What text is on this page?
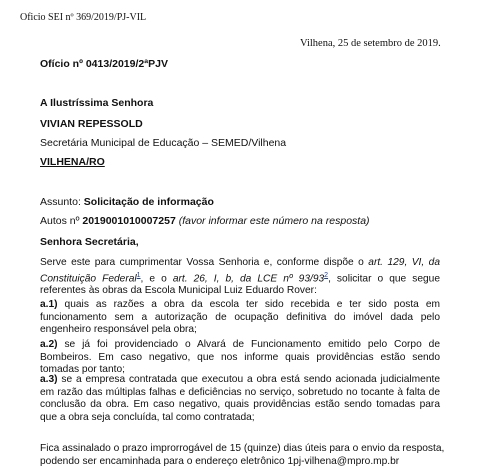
Oficio SEI nº 369/2019/PJ-VIL
Vilhena, 25 de setembro de 2019.
Ofício nº 0413/2019/2ªPJV
A Ilustríssima Senhora
VIVIAN REPESSOLD
Secretária Municipal de Educação – SEMED/Vilhena
VILHENA/RO
Assunto: Solicitação de informação
Autos nº 2019001010007257 (favor informar este número na resposta)
Senhora Secretária,
Serve este para cumprimentar Vossa Senhoria e, conforme dispõe o art. 129, VI, da Constituição Federal$^1$, e o art. 26, I, b, da LCE nº 93/93$^2$, solicitar o que segue referentes às obras da Escola Municipal Luiz Eduardo Rover:
a.1) quais as razões a obra da escola ter sido recebida e ter sido posta em funcionamento sem a autorização de ocupação definitiva do imóvel dada pelo engenheiro responsável pela obra;
a.2) se já foi providenciado o Alvará de Funcionamento emitido pelo Corpo de Bombeiros. Em caso negativo, que nos informe quais providências estão sendo tomadas por tanto;
a.3) se a empresa contratada que executou a obra está sendo acionada judicialmente em razão das múltiplas falhas e deficiências no serviço, sobretudo no tocante à falta de conclusão da obra. Em caso negativo, quais providências estão sendo tomadas para que a obra seja concluída, tal como contratada;
Fica assinalado o prazo improrrogável de 15 (quinze) dias úteis para o envio da resposta,
podendo ser encaminhada para o endereço eletrônico 1pj-vilhena@mpro.mp.br
